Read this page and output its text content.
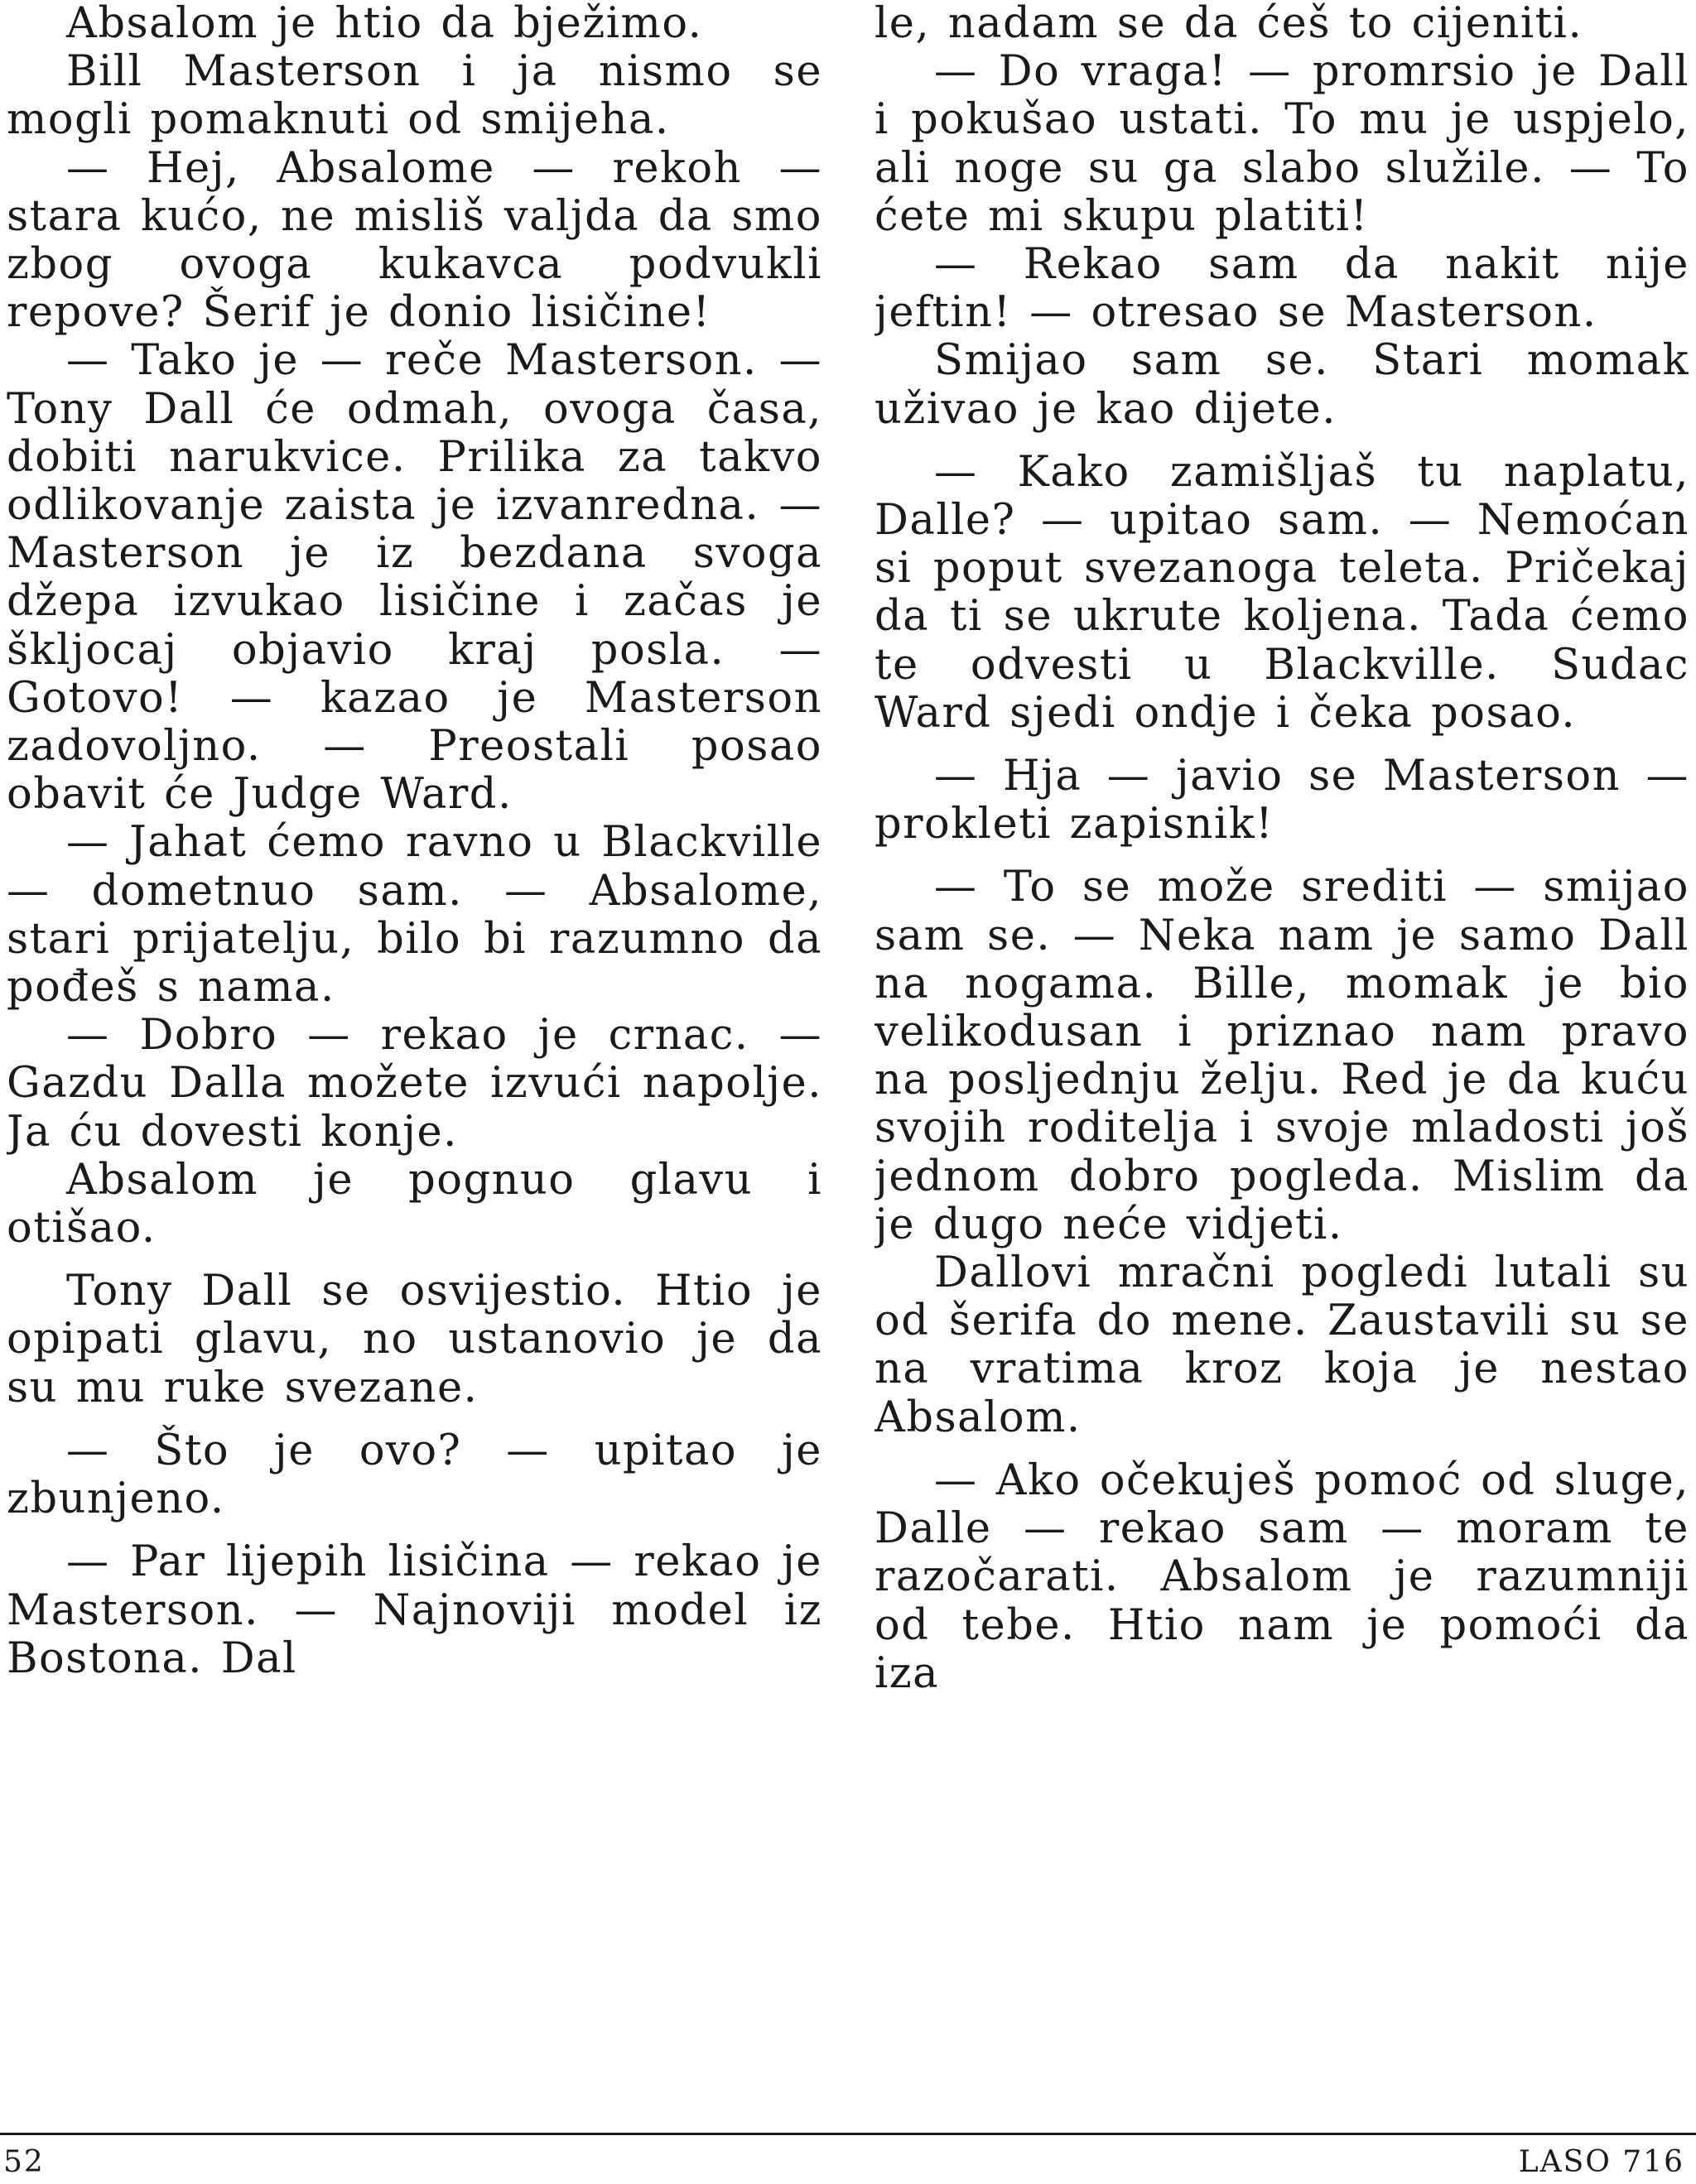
Absalom je htio da bježimo.

Bill Masterson i ja nismo se mogli pomaknuti od smijeha.

— Hej, Absalome — rekoh — stara kućo, ne misliš valjda da smo zbog ovoga kukavca podvukli repove? Šerif je donio lisičine!

— Tako je — reče Masterson. — Tony Dall će odmah, ovoga časa, dobiti narukvice. Prilika za takvo odlikovanje zaista je izvanredna. — Masterson je iz bezdana svoga džepa izvukao lisičine i začas je škljocaj objavio kraj posla. — Gotovo! — kazao je Masterson zadovoljno. — Preostali posao obavit će Judge Ward.

— Jahat ćemo ravno u Blackville — dometnuo sam. — Absalome, stari prijatelju, bilo bi razumno da pođeš s nama.

— Dobro — rekao je crnac. — Gazdu Dalla možete izvući napolje. Ja ću dovesti konje.

Absalom je pognuo glavu i otišao.

Tony Dall se osvijestio. Htio je opipati glavu, no ustanovio je da su mu ruke svezane.

— Što je ovo? — upitao je zbunjeno.

— Par lijepih lisičina — rekao je Masterson. — Najnoviji model iz Bostona. Dal

le, nadam se da ćeš to cijeniti.

— Do vraga! — promrsio je Dall i pokušao ustati. To mu je uspjelo, ali noge su ga slabo služile. — To ćete mi skupu platiti!

— Rekao sam da nakit nije jeftin! — otresao se Masterson.

Smijao sam se. Stari momak uživao je kao dijete.

— Kako zamišljaš tu naplatu, Dalle? — upitao sam. — Nemoćan si poput svezanoga teleta. Pričekaj da ti se ukrute koljena. Tada ćemo te odvesti u Blackville. Sudac Ward sjedi ondje i čeka posao.

— Hja — javio se Masterson — prokleti zapisnik!

— To se može srediti — smijao sam se. — Neka nam je samo Dall na nogama. Bille, momak je bio velikodusan i priznao nam pravo na posljednju želju. Red je da kuću svojih roditelja i svoje mladosti još jednom dobro pogleda. Mislim da je dugo neće vidjeti.

Dallovi mračni pogledi lutali su od šerifa do mene. Zaustavili su se na vratima kroz koja je nestao Absalom.

— Ako očekuješ pomoć od sluge, Dalle — rekao sam — moram te razočarati. Absalom je razumniji od tebe. Htio nam je pomoći da iza

52	LASO 716
